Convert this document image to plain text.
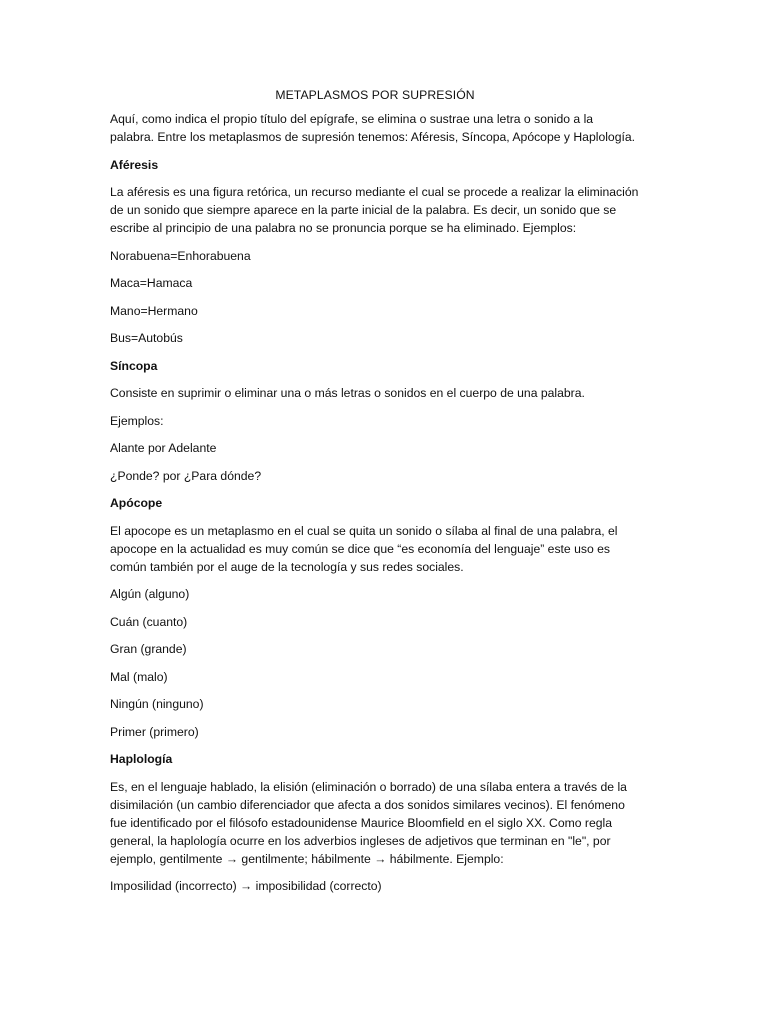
METAPLASMOS POR SUPRESIÓN

Aquí, como indica el propio título del epígrafe, se elimina o sustrae una letra o sonido a la palabra. Entre los metaplasmos de supresión tenemos: Aféresis, Síncopa, Apócope y Haplología.

Aféresis

La aféresis es una figura retórica, un recurso mediante el cual se procede a realizar la eliminación de un sonido que siempre aparece en la parte inicial de la palabra. Es decir, un sonido que se escribe al principio de una palabra no se pronuncia porque se ha eliminado. Ejemplos:

Norabuena=Enhorabuena

Maca=Hamaca

Mano=Hermano

Bus=Autobús

Síncopa

Consiste en suprimir o eliminar una o más letras o sonidos en el cuerpo de una palabra.

Ejemplos:

Alante por Adelante

¿Ponde? por ¿Para dónde?

Apócope

El apocope es un metaplasmo en el cual se quita un sonido o sílaba al final de una palabra, el apocope en la actualidad es muy común se dice que “es economía del lenguaje” este uso es común también por el auge de la tecnología y sus redes sociales.

Algún (alguno)

Cuán (cuanto)

Gran (grande)

Mal (malo)

Ningún (ninguno)

Primer (primero)

Haplología

Es, en el lenguaje hablado, la elisión (eliminación o borrado) de una sílaba entera a través de la disimilación (un cambio diferenciador que afecta a dos sonidos similares vecinos). El fenómeno fue identificado por el filósofo estadounidense Maurice Bloomfield en el siglo XX. Como regla general, la haplología ocurre en los adverbios ingleses de adjetivos que terminan en "le", por ejemplo, gentilmente → gentilmente; hábilmente → hábilmente. Ejemplo:

Imposilidad (incorrecto) → imposibilidad (correcto)
